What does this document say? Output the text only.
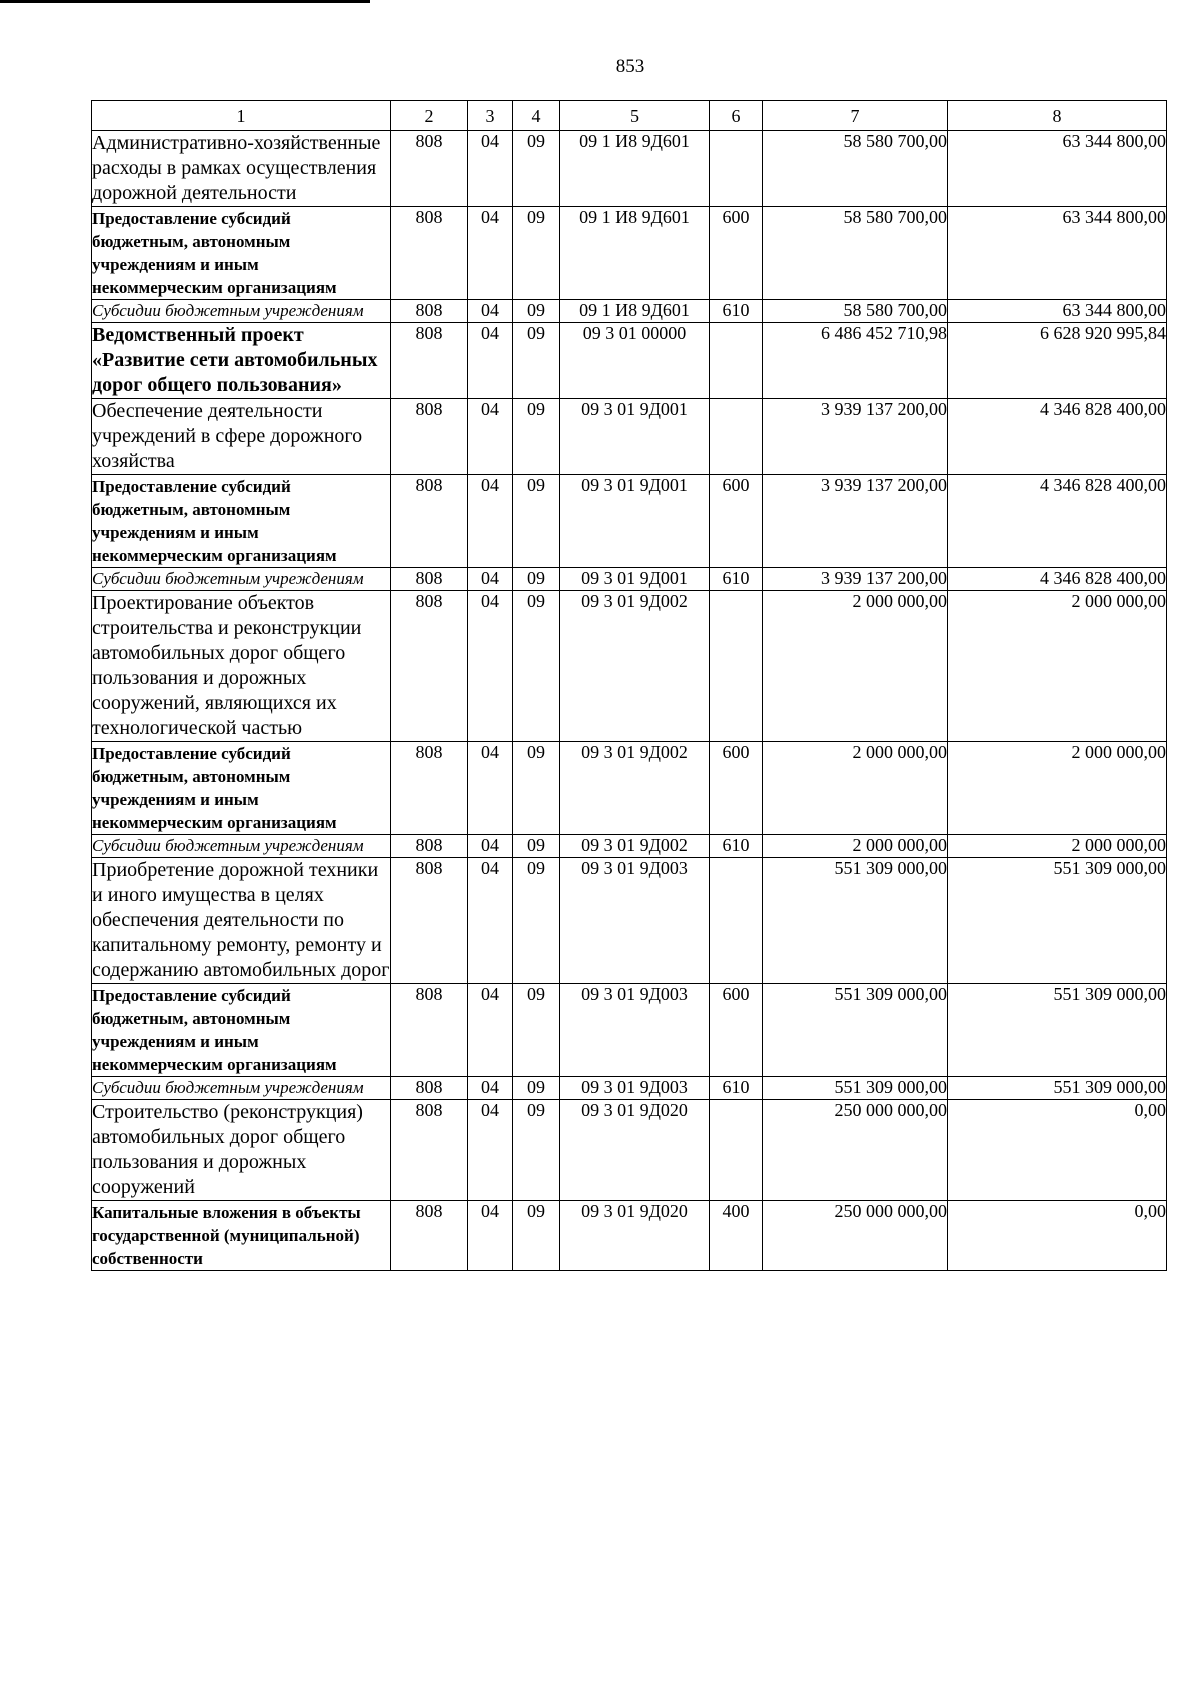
853
1	2	3	4	5	6	7	8
Административно-хозяйственные расходы в рамках осуществления дорожной деятельности	808	04	09	09 1 И8 9Д601		58 580 700,00	63 344 800,00
Предоставление субсидий бюджетным, автономным учреждениям и иным некоммерческим организациям	808	04	09	09 1 И8 9Д601	600	58 580 700,00	63 344 800,00
Субсидии бюджетным учреждениям	808	04	09	09 1 И8 9Д601	610	58 580 700,00	63 344 800,00
Ведомственный проект «Развитие сети автомобильных дорог общего пользования»	808	04	09	09 3 01 00000		6 486 452 710,98	6 628 920 995,84
Обеспечение деятельности учреждений в сфере дорожного хозяйства	808	04	09	09 3 01 9Д001		3 939 137 200,00	4 346 828 400,00
Предоставление субсидий бюджетным, автономным учреждениям и иным некоммерческим организациям	808	04	09	09 3 01 9Д001	600	3 939 137 200,00	4 346 828 400,00
Субсидии бюджетным учреждениям	808	04	09	09 3 01 9Д001	610	3 939 137 200,00	4 346 828 400,00
Проектирование объектов строительства и реконструкции автомобильных дорог общего пользования и дорожных сооружений, являющихся их технологической частью	808	04	09	09 3 01 9Д002		2 000 000,00	2 000 000,00
Предоставление субсидий бюджетным, автономным учреждениям и иным некоммерческим организациям	808	04	09	09 3 01 9Д002	600	2 000 000,00	2 000 000,00
Субсидии бюджетным учреждениям	808	04	09	09 3 01 9Д002	610	2 000 000,00	2 000 000,00
Приобретение дорожной техники и иного имущества в целях обеспечения деятельности по капитальному ремонту, ремонту и содержанию автомобильных дорог	808	04	09	09 3 01 9Д003		551 309 000,00	551 309 000,00
Предоставление субсидий бюджетным, автономным учреждениям и иным некоммерческим организациям	808	04	09	09 3 01 9Д003	600	551 309 000,00	551 309 000,00
Субсидии бюджетным учреждениям	808	04	09	09 3 01 9Д003	610	551 309 000,00	551 309 000,00
Строительство (реконструкция) автомобильных дорог общего пользования и дорожных сооружений	808	04	09	09 3 01 9Д020		250 000 000,00	0,00
Капитальные вложения в объекты государственной (муниципальной) собственности	808	04	09	09 3 01 9Д020	400	250 000 000,00	0,00
